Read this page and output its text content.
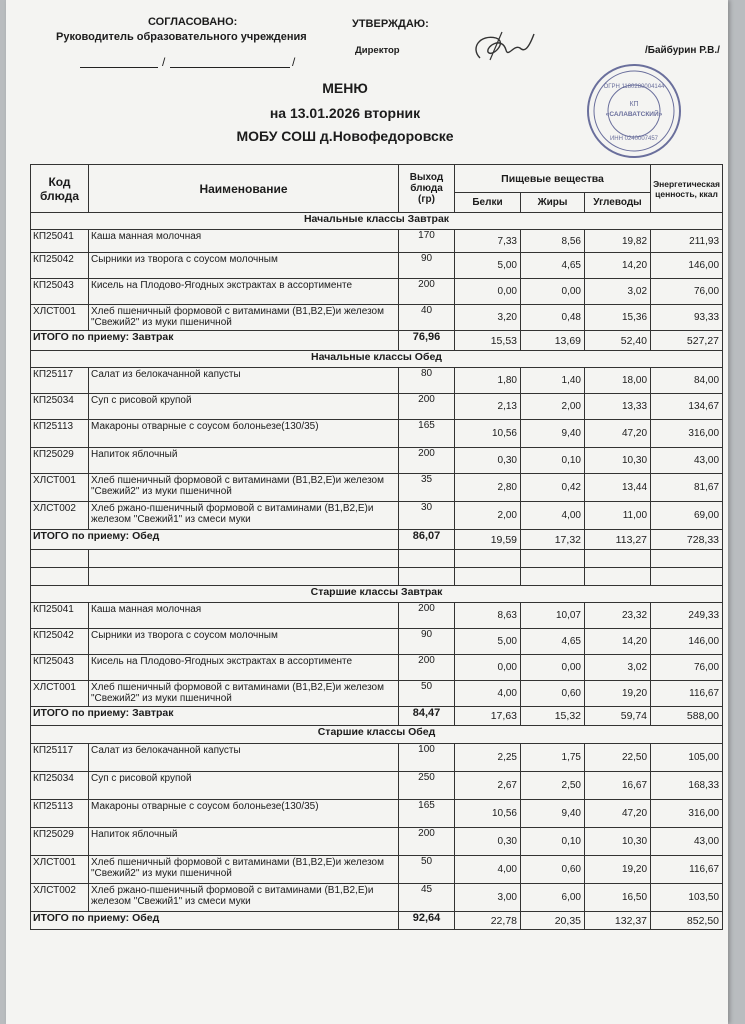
СОГЛАСОВАНО:
Руководитель образовательного учреждения
/	/
УТВЕРЖДАЮ:
Директор	/Байбурин Р.В./
ОГРН 1180280004144
КП
«САЛАВАТСКИЙ»
ИНН 0240007457
МЕНЮ
на 13.01.2026 вторник
МОБУ СОШ д.Новофедоровске
Код блюда	Наименование	Выход блюда (гр)	Пищевые вещества			Энергетическая ценность, ккал
			Белки	Жиры	Углеводы	
Начальные классы Завтрак						
КП25041	Каша манная молочная	170	7,33	8,56	19,82	211,93
КП25042	Сырники из творога с соусом молочным	90	5,00	4,65	14,20	146,00
КП25043	Кисель на Плодово-Ягодных экстрактах в ассортименте	200	0,00	0,00	3,02	76,00
ХЛСТ001	Хлеб пшеничный формовой с витаминами (В1,В2,Е)и железом "Свежий2" из муки пшеничной	40	3,20	0,48	15,36	93,33
ИТОГО по приему: Завтрак		76,96	15,53	13,69	52,40	527,27
Начальные классы Обед						
КП25117	Салат из белокачанной капусты	80	1,80	1,40	18,00	84,00
КП25034	Суп с рисовой крупой	200	2,13	2,00	13,33	134,67
КП25113	Макароны отварные с соусом болоньезе(130/35)	165	10,56	9,40	47,20	316,00
КП25029	Напиток яблочный	200	0,30	0,10	10,30	43,00
ХЛСТ001	Хлеб пшеничный формовой с витаминами (В1,В2,Е)и железом "Свежий2" из муки пшеничной	35	2,80	0,42	13,44	81,67
ХЛСТ002	Хлеб ржано-пшеничный формовой с витаминами (В1,В2,Е)и железом "Свежий1" из смеси муки	30	2,00	4,00	11,00	69,00
ИТОГО по приему: Обед		86,07	19,59	17,32	113,27	728,33

Старшие классы Завтрак						
КП25041	Каша манная молочная	200	8,63	10,07	23,32	249,33
КП25042	Сырники из творога с соусом молочным	90	5,00	4,65	14,20	146,00
КП25043	Кисель на Плодово-Ягодных экстрактах в ассортименте	200	0,00	0,00	3,02	76,00
ХЛСТ001	Хлеб пшеничный формовой с витаминами (В1,В2,Е)и железом "Свежий2" из муки пшеничной	50	4,00	0,60	19,20	116,67
ИТОГО по приему: Завтрак		84,47	17,63	15,32	59,74	588,00
Старшие классы Обед						
КП25117	Салат из белокачанной капусты	100	2,25	1,75	22,50	105,00
КП25034	Суп с рисовой крупой	250	2,67	2,50	16,67	168,33
КП25113	Макароны отварные с соусом болоньезе(130/35)	165	10,56	9,40	47,20	316,00
КП25029	Напиток яблочный	200	0,30	0,10	10,30	43,00
ХЛСТ001	Хлеб пшеничный формовой с витаминами (В1,В2,Е)и железом "Свежий2" из муки пшеничной	50	4,00	0,60	19,20	116,67
ХЛСТ002	Хлеб ржано-пшеничный формовой с витаминами (В1,В2,Е)и железом "Свежий1" из смеси муки	45	3,00	6,00	16,50	103,50
ИТОГО по приему: Обед		92,64	22,78	20,35	132,37	852,50
